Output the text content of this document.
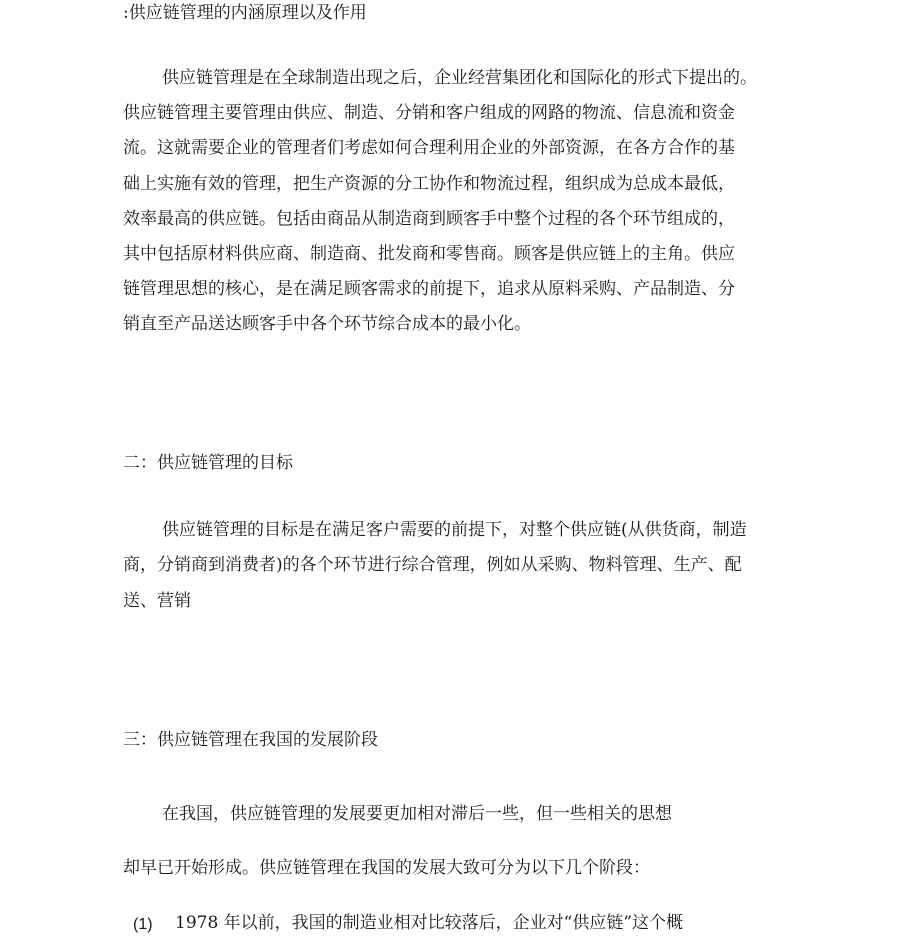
:供应链管理的内涵原理以及作用
供应链管理是在全球制造出现之后，企业经营集团化和国际化的形式下提出的。
供应链管理主要管理由供应、制造、分销和客户组成的网路的物流、信息流和资金
流。这就需要企业的管理者们考虑如何合理利用企业的外部资源，在各方合作的基
础上实施有效的管理，把生产资源的分工协作和物流过程，组织成为总成本最低，
效率最高的供应链。包括由商品从制造商到顾客手中整个过程的各个环节组成的，
其中包括原材料供应商、制造商、批发商和零售商。顾客是供应链上的主角。供应
链管理思想的核心，是在满足顾客需求的前提下，追求从原料采购、产品制造、分
销直至产品送达顾客手中各个环节综合成本的最小化。
二：供应链管理的目标
供应链管理的目标是在满足客户需要的前提下，对整个供应链(从供货商，制造
商，分销商到消费者)的各个环节进行综合管理，例如从采购、物料管理、生产、配
送、营销
三：供应链管理在我国的发展阶段
在我国，供应链管理的发展要更加相对滞后一些，但一些相关的思想
却早已开始形成。供应链管理在我国的发展大致可分为以下几个阶段：
(1) 1978 年以前，我国的制造业相对比较落后，企业对“供应链”这个概
